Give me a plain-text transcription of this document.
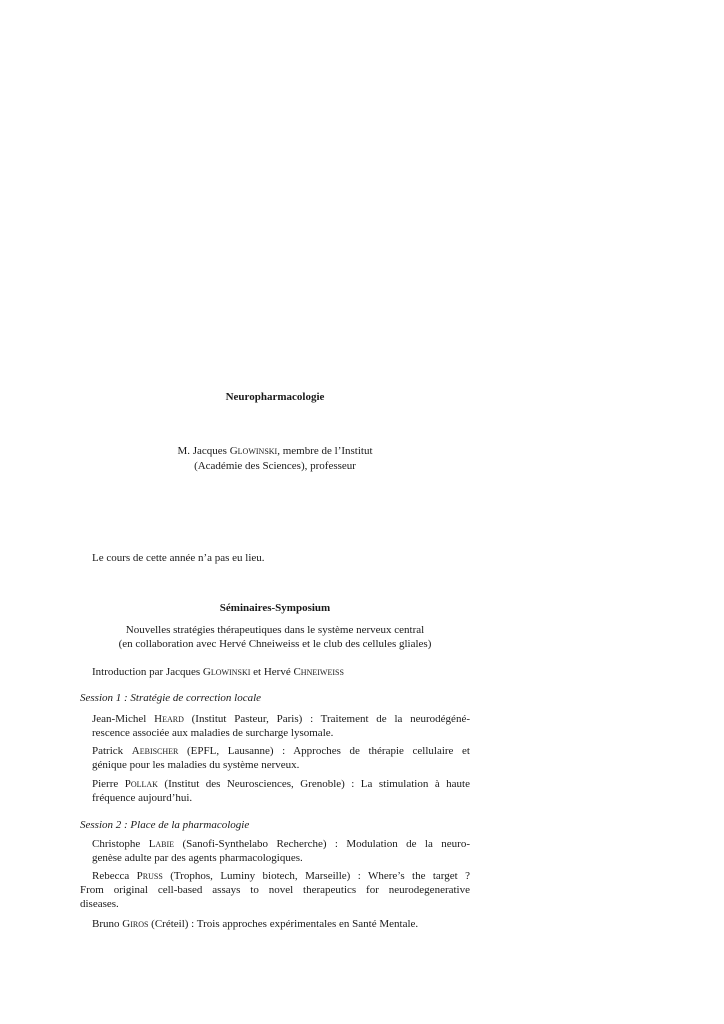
Neuropharmacologie
M. Jacques Glowinski, membre de l’Institut
(Académie des Sciences), professeur
Le cours de cette année n’a pas eu lieu.
Séminaires-Symposium
Nouvelles stratégies thérapeutiques dans le système nerveux central
(en collaboration avec Hervé Chneiweiss et le club des cellules gliales)
Introduction par Jacques Glowinski et Hervé Chneiweiss
Session 1 : Stratégie de correction locale
Jean-Michel Heard (Institut Pasteur, Paris) : Traitement de la neurodégéné-
rescence associée aux maladies de surcharge lysomale.
Patrick Aebischer (EPFL, Lausanne) : Approches de thérapie cellulaire et
génique pour les maladies du système nerveux.
Pierre Pollak (Institut des Neurosciences, Grenoble) : La stimulation à haute
fréquence aujourd’hui.
Session 2 : Place de la pharmacologie
Christophe Labie (Sanofi-Synthelabo Recherche) : Modulation de la neuro-
genèse adulte par des agents pharmacologiques.
Rebecca Pruss (Trophos, Luminy biotech, Marseille) : Where’s the target ?
From original cell-based assays to novel therapeutics for neurodegenerative
diseases.
Bruno Giros (Créteil) : Trois approches expérimentales en Santé Mentale.
